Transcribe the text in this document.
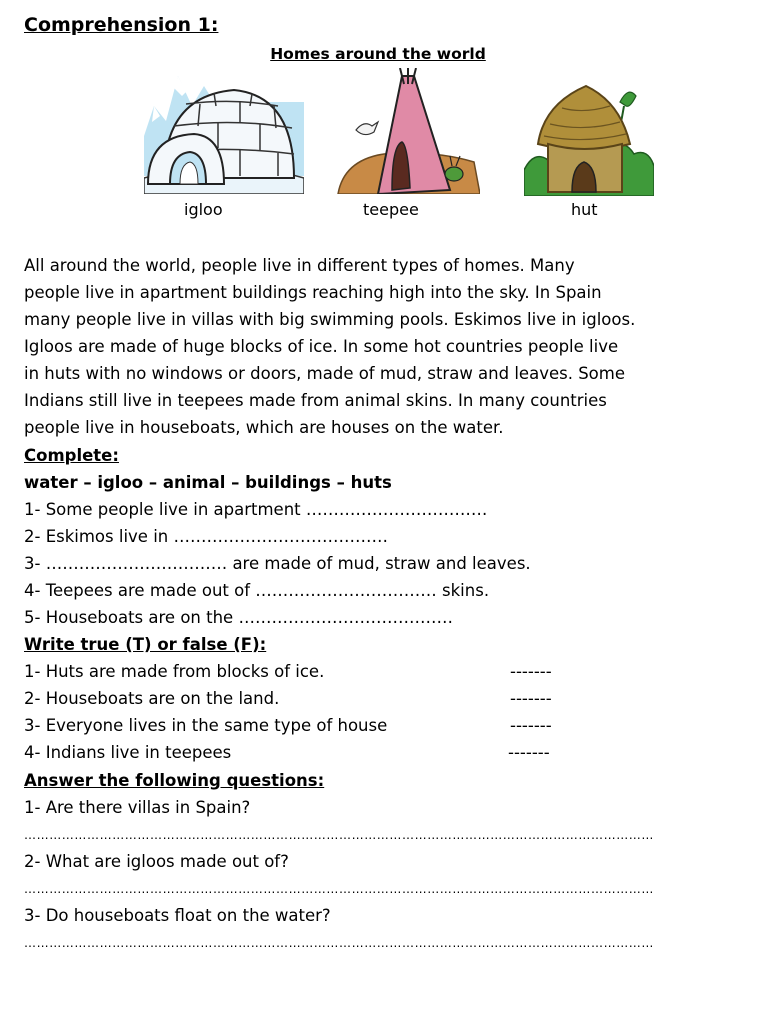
Comprehension 1:
Homes around the world
igloo	teepee	hut
All around the world, people live in different types of homes. Many
people live in apartment buildings reaching high into the sky. In Spain
many people live in villas with big swimming pools. Eskimos live in igloos.
Igloos are made of huge blocks of ice. In some hot countries people live
in huts with no windows or doors, made of mud, straw and leaves. Some
Indians still live in teepees made from animal skins. In many countries
people live in houseboats, which are houses on the water.
Complete:
water – igloo – animal – buildings – huts
1- Some people live in apartment ……………………………
2- Eskimos live in …………………………………
3- …………………………… are made of mud, straw and leaves.
4- Teepees are made out of …………………………… skins.
5- Houseboats are on the …………………………………
Write true (T) or false (F):
1- Huts are made from blocks of ice.	-------
2- Houseboats are on the land.	-------
3- Everyone lives in the same type of house	-------
4- Indians live in teepees	-------
Answer the following questions:
1- Are there villas in Spain?
……………………………………………………………………………………………………………………………………
2- What are igloos made out of?
……………………………………………………………………………………………………………………………………
3- Do houseboats float on the water?
……………………………………………………………………………………………………………………………………
